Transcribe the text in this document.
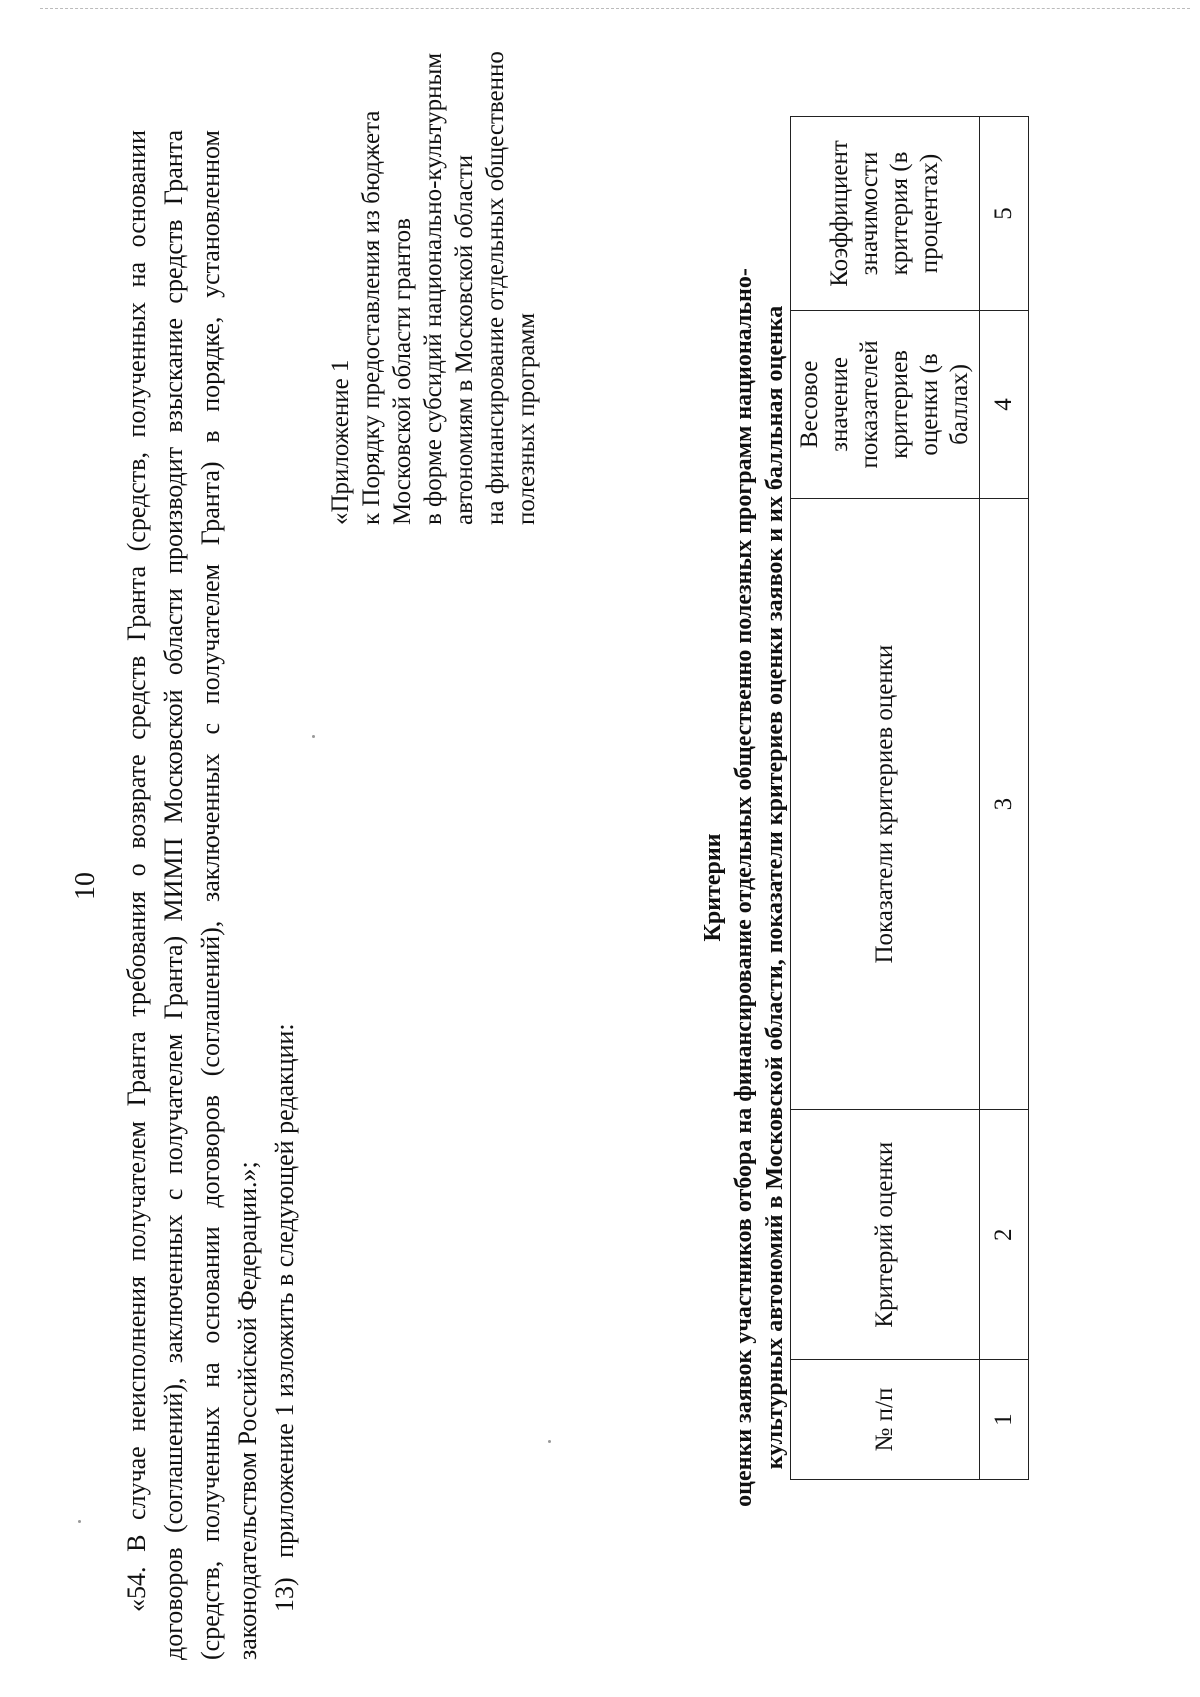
10 «54. В случае неисполнения получателем Гранта требования о возврате средств Гранта (средств, полученных на основании договоров (соглашений), заключенных с получателем Гранта) МИМП Московской области производит взыскание средств Гранта (средств, полученных на основании договоров (соглашений), заключенных с получателем Гранта) в порядке, установленном законодательством Российской Федерации.»; 13)   приложение 1 изложить в следующей редакции:

«Приложение 1 к Порядку предоставления из бюджета Московской области грантов в форме субсидий национально-культурным автономиям в Московской области на финансирование отдельных общественно полезных программ
Критерии оценки заявок участников отбора на финансирование отдельных общественно полезных программ национально- культурных автономий в Московской области, показатели критериев оценки заявок и их балльная оценка	№ п/п	Критерий оценки	Показатели критериев оценки	Весовое значение показателей критериев оценки (в баллах)	Коэффициент значимости критерия (в процентах)
1	2	3	4	5
